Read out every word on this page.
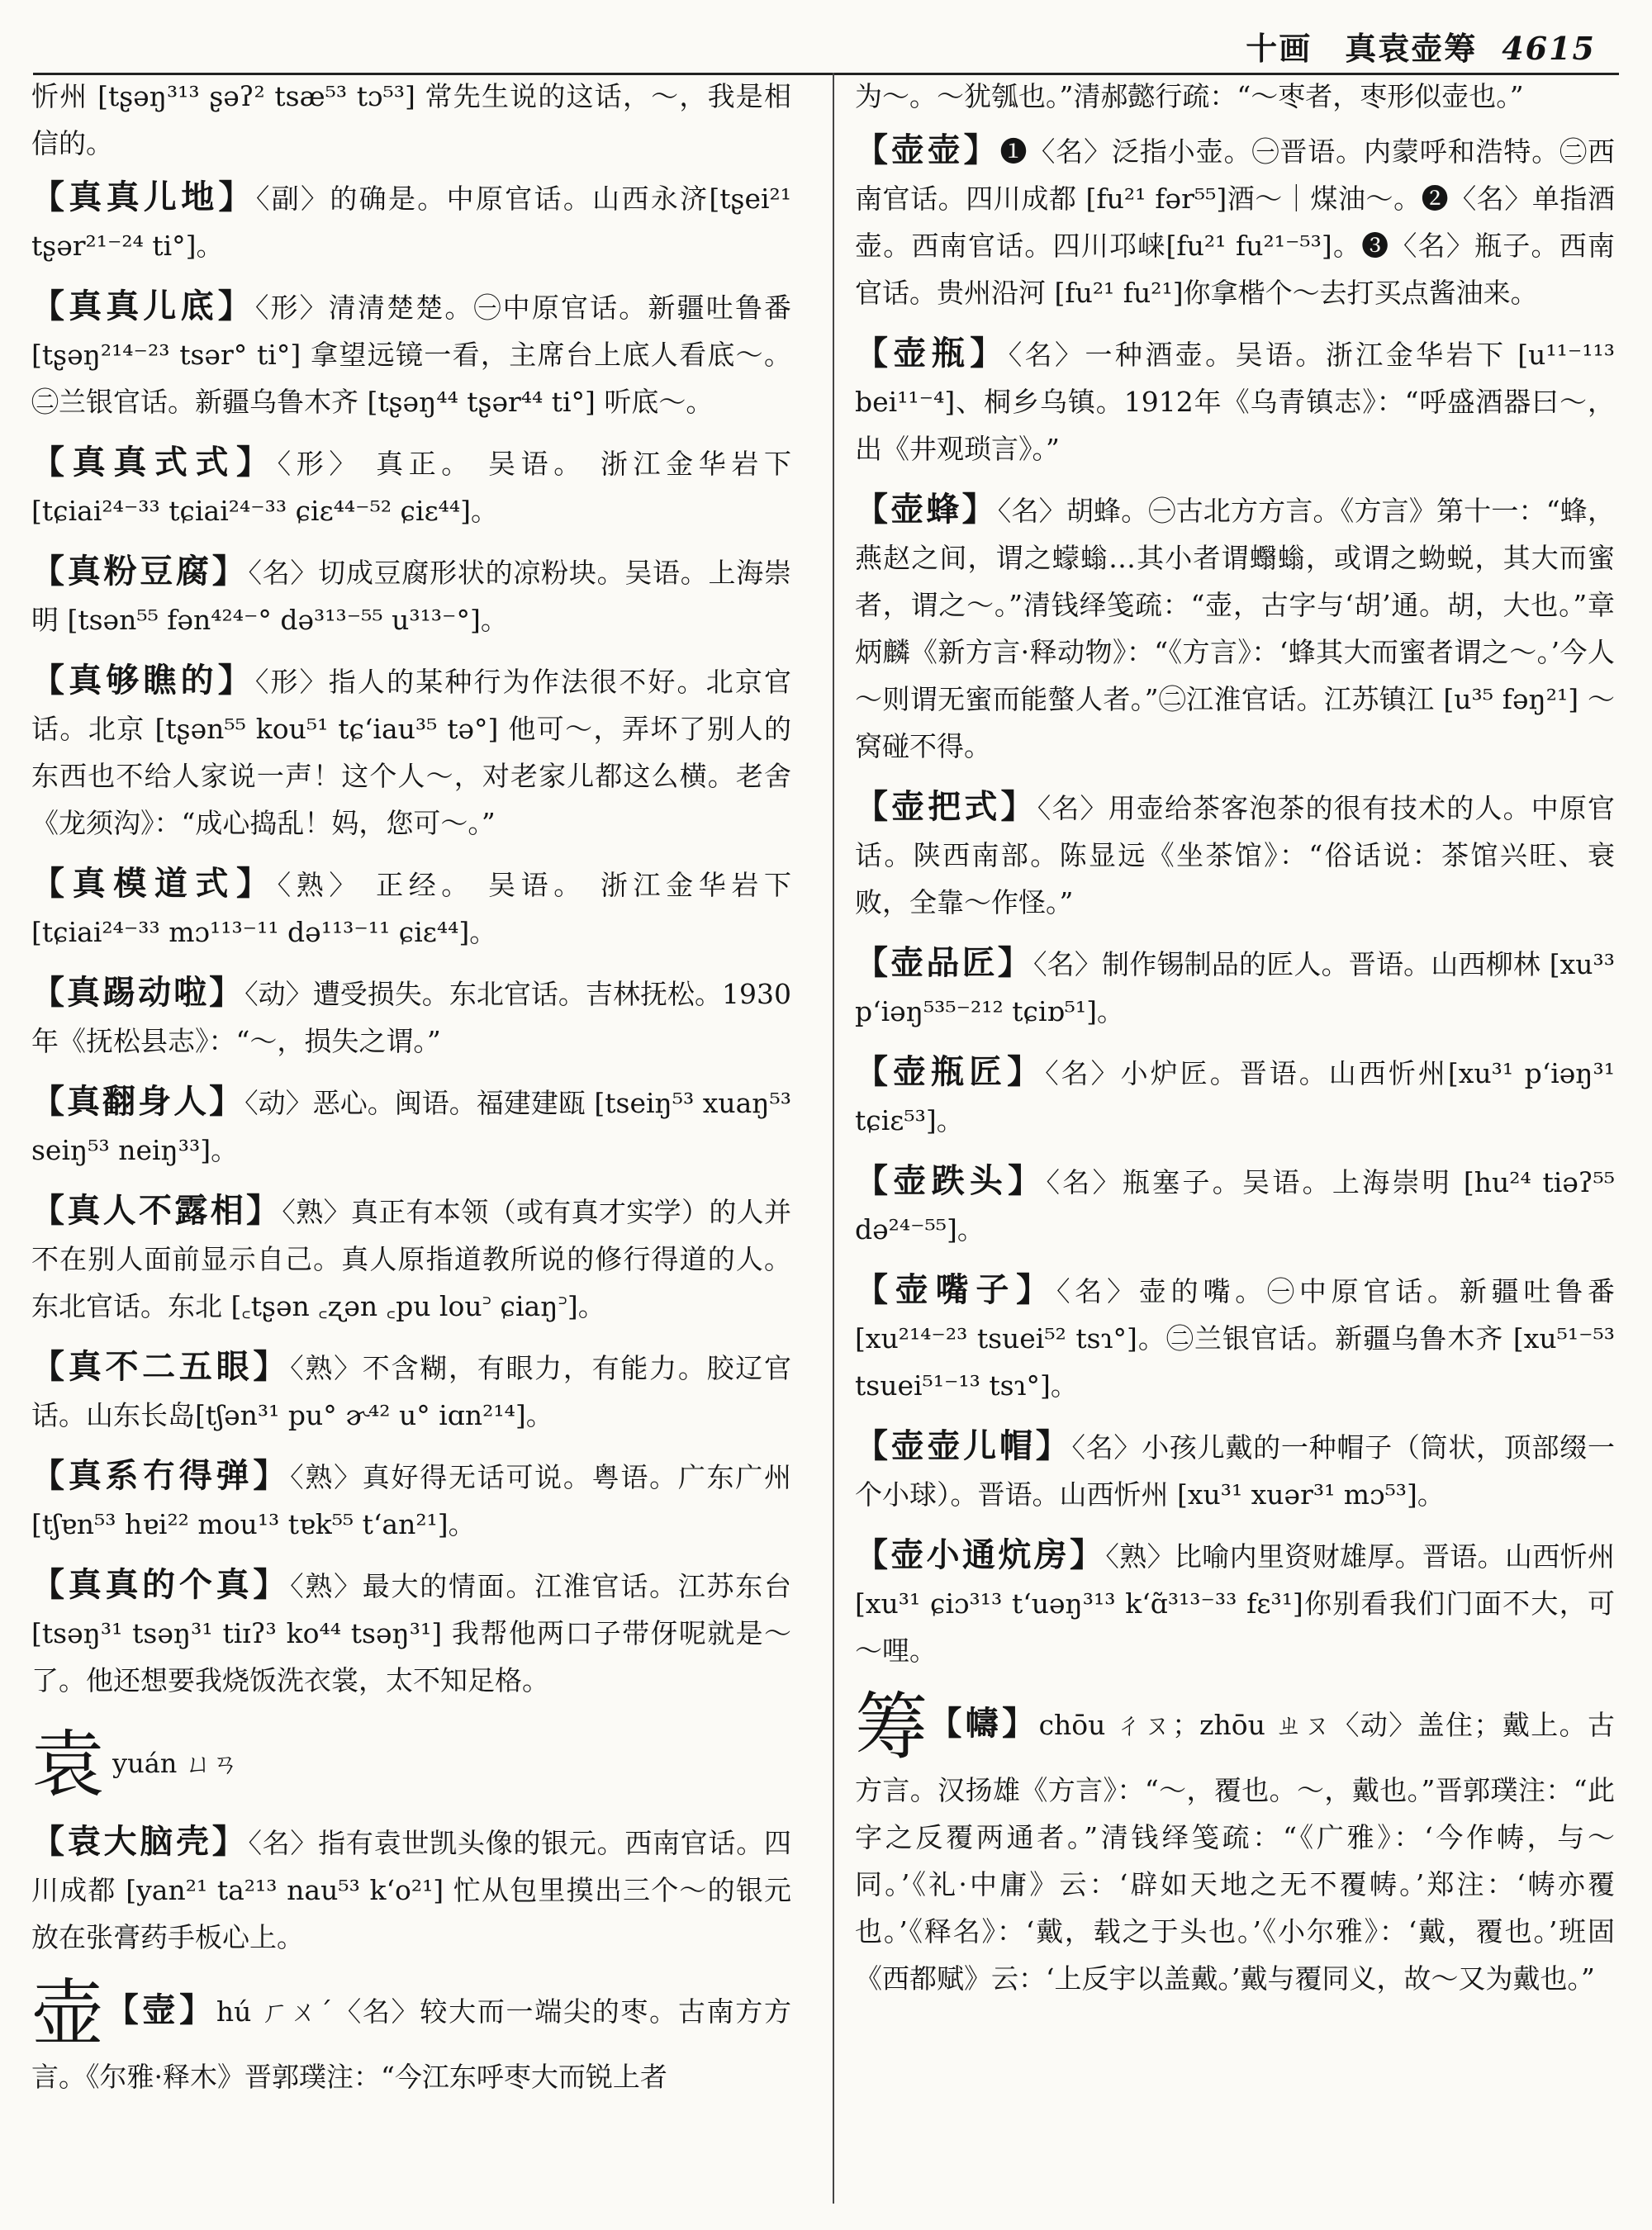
十画　真袁壶筹 4615

忻州 [tʂəŋ³¹³ ʂəʔ² tsæ⁵³ tɔ⁵³] 常先生说的这话，～，我是相信的。

【真真儿地】〈副〉的确是。中原官话。山西永济[tʂei²¹ tʂər²¹⁻²⁴ ti°]。

【真真儿底】〈形〉清清楚楚。㊀中原官话。新疆吐鲁番 [tʂəŋ²¹⁴⁻²³ tsər° ti°] 拿望远镜一看，主席台上底人看底～。㊁兰银官话。新疆乌鲁木齐 [tʂəŋ⁴⁴ tʂər⁴⁴ ti°] 听底～。

【真真式式】〈形〉 真正。 吴语。 浙江金华岩下 [tɕiai²⁴⁻³³ tɕiai²⁴⁻³³ ɕiɛ⁴⁴⁻⁵² ɕiɛ⁴⁴]。

【真粉豆腐】〈名〉切成豆腐形状的凉粉块。吴语。上海崇明 [tsən⁵⁵ fən⁴²⁴⁻° də³¹³⁻⁵⁵ u³¹³⁻°]。

【真够瞧的】〈形〉指人的某种行为作法很不好。北京官话。北京 [tʂən⁵⁵ kou⁵¹ tɕʻiau³⁵ tə°] 他可～，弄坏了别人的东西也不给人家说一声！这个人～，对老家儿都这么横。老舍《龙须沟》：“成心捣乱！妈，您可～。”

【真模道式】〈熟〉 正经。 吴语。 浙江金华岩下 [tɕiai²⁴⁻³³ mɔ¹¹³⁻¹¹ də¹¹³⁻¹¹ ɕiɛ⁴⁴]。

【真踢动啦】〈动〉遭受损失。东北官话。吉林抚松。1930年《抚松县志》：“～，损失之谓。”

【真翻身人】〈动〉恶心。闽语。福建建瓯 [tseiŋ⁵³ xuaŋ⁵³ seiŋ⁵³ neiŋ³³]。

【真人不露相】〈熟〉真正有本领（或有真才实学）的人并不在别人面前显示自己。真人原指道教所说的修行得道的人。东北官话。东北 [꜀tʂən ꜀ʐən ꜀pu lou꜄ ɕiaŋ꜄]。

【真不二五眼】〈熟〉不含糊，有眼力，有能力。胶辽官话。山东长岛[tʃən³¹ pu° ɚ⁴² u° iɑn²¹⁴]。

【真系冇得弹】〈熟〉真好得无话可说。粤语。广东广州 [tʃɐn⁵³ hɐi²² mou¹³ tɐk⁵⁵ tʻan²¹]。

【真真的个真】〈熟〉最大的情面。江淮官话。江苏东台 [tsəŋ³¹ tsəŋ³¹ tiɪʔ³ ko⁴⁴ tsəŋ³¹] 我帮他两口子带伢呢就是～了。他还想要我烧饭洗衣裳，太不知足格。

袁yuán ㄩㄢ

【袁大脑壳】〈名〉指有袁世凯头像的银元。西南官话。四川成都 [yan²¹ ta²¹³ nau⁵³ kʻo²¹] 忙从包里摸出三个～的银元放在张膏药手板心上。

壶【壸】hú ㄏㄨˊ〈名〉较大而一端尖的枣。古南方方言。《尔雅·释木》晋郭璞注：“今江东呼枣大而锐上者

为～。～犹瓠也。”清郝懿行疏：“～枣者，枣形似壶也。”

【壶壶】❶〈名〉泛指小壶。㊀晋语。内蒙呼和浩特。㊁西南官话。四川成都 [fu²¹ fər⁵⁵]酒～｜煤油～。❷〈名〉单指酒壶。西南官话。四川邛崃[fu²¹ fu²¹⁻⁵³]。❸〈名〉瓶子。西南官话。贵州沿河 [fu²¹ fu²¹]你拿楷个～去打买点酱油来。

【壶瓶】〈名〉一种酒壶。吴语。浙江金华岩下 [u¹¹⁻¹¹³ bei¹¹⁻⁴]、桐乡乌镇。1912年《乌青镇志》：“呼盛酒器曰～，出《井观琐言》。”

【壶蜂】〈名〉胡蜂。㊀古北方方言。《方言》第十一：“蜂，燕赵之间，谓之蠓螉…其小者谓蠮螉，或谓之蚴蜕，其大而蜜者，谓之～。”清钱绎笺疏：“壶，古字与‘胡’通。胡，大也。”章炳麟《新方言·释动物》：“《方言》：‘蜂其大而蜜者谓之～。’今人～则谓无蜜而能螫人者。”㊁江淮官话。江苏镇江 [u³⁵ fəŋ²¹] ～窝碰不得。

【壶把式】〈名〉用壶给茶客泡茶的很有技术的人。中原官话。陕西南部。陈显远《坐茶馆》：“俗话说：茶馆兴旺、衰败，全靠～作怪。”

【壶品匠】〈名〉制作锡制品的匠人。晋语。山西柳林 [xu³³ pʻiəŋ⁵³⁵⁻²¹² tɕiɒ⁵¹]。

【壶瓶匠】〈名〉小炉匠。晋语。山西忻州[xu³¹ pʻiəŋ³¹ tɕiɛ⁵³]。

【壶跌头】〈名〉瓶塞子。吴语。上海崇明 [hu²⁴ tiəʔ⁵⁵ də²⁴⁻⁵⁵]。

【壶嘴子】〈名〉壶的嘴。㊀中原官话。新疆吐鲁番 [xu²¹⁴⁻²³ tsuei⁵² tsɿ°]。㊁兰银官话。新疆乌鲁木齐 [xu⁵¹⁻⁵³ tsuei⁵¹⁻¹³ tsɿ°]。

【壶壶儿帽】〈名〉小孩儿戴的一种帽子（筒状，顶部缀一个小球）。晋语。山西忻州 [xu³¹ xuər³¹ mɔ⁵³]。

【壶小通炕房】〈熟〉比喻内里资财雄厚。晋语。山西忻州[xu³¹ ɕiɔ³¹³ tʻuəŋ³¹³ kʻɑ̃³¹³⁻³³ fɛ³¹]你别看我们门面不大，可～哩。

筹【幬】chōu ㄔㄡ；zhōu ㄓㄡ〈动〉盖住；戴上。古方言。汉扬雄《方言》：“～，覆也。～，戴也。”晋郭璞注：“此字之反覆两通者。”清钱绎笺疏：“《广雅》：‘今作帱，与～同。’《礼·中庸》云：‘辟如天地之无不覆帱。’郑注：‘帱亦覆也。’《释名》：‘戴，载之于头也。’《小尔雅》：‘戴，覆也。’班固《西都赋》云：‘上反宇以盖戴。’戴与覆同义，故～又为戴也。”
